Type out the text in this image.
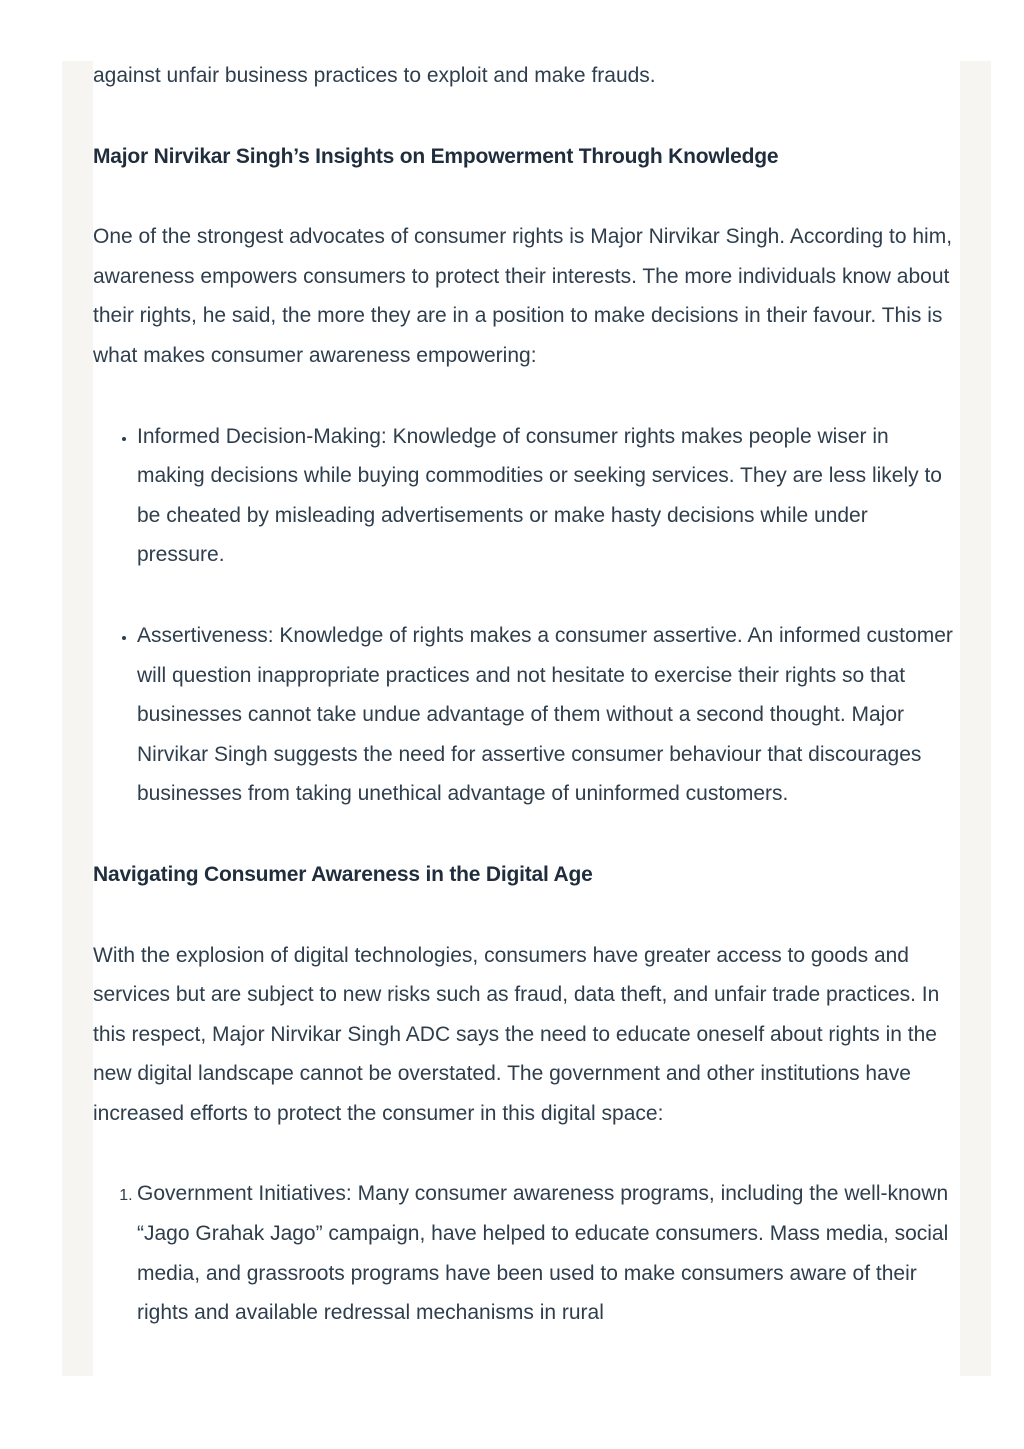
against unfair business practices to exploit and make frauds.

Major Nirvikar Singh’s Insights on Empowerment Through Knowledge

One of the strongest advocates of consumer rights is Major Nirvikar Singh. According to him, awareness empowers consumers to protect their interests. The more individuals know about their rights, he said, the more they are in a position to make decisions in their favour. This is what makes consumer awareness empowering:

• Informed Decision-Making: Knowledge of consumer rights makes people wiser in making decisions while buying commodities or seeking services. They are less likely to be cheated by misleading advertisements or make hasty decisions while under pressure.
• Assertiveness: Knowledge of rights makes a consumer assertive. An informed customer will question inappropriate practices and not hesitate to exercise their rights so that businesses cannot take undue advantage of them without a second thought. Major Nirvikar Singh suggests the need for assertive consumer behaviour that discourages businesses from taking unethical advantage of uninformed customers.
Navigating Consumer Awareness in the Digital Age

With the explosion of digital technologies, consumers have greater access to goods and services but are subject to new risks such as fraud, data theft, and unfair trade practices. In this respect, Major Nirvikar Singh ADC says the need to educate oneself about rights in the new digital landscape cannot be overstated. The government and other institutions have increased efforts to protect the consumer in this digital space:

1. Government Initiatives: Many consumer awareness programs, including the well-known “Jago Grahak Jago” campaign, have helped to educate consumers. Mass media, social media, and grassroots programs have been used to make consumers aware of their rights and available redressal mechanisms in rural
